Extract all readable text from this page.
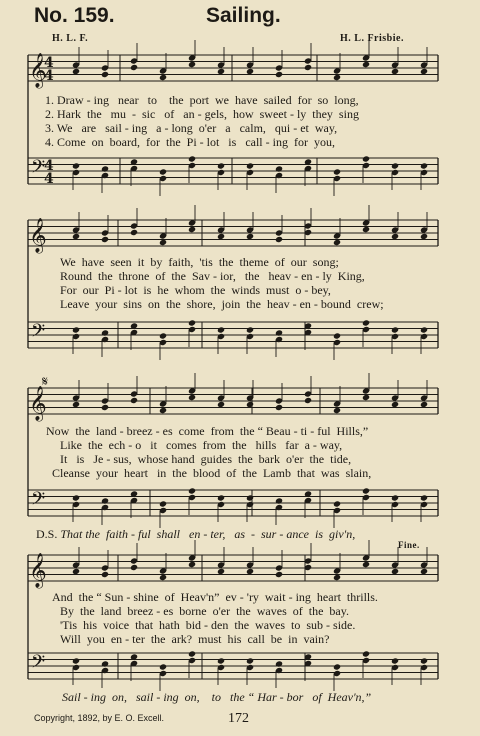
𝄞
𝄢
𝄞
𝄢
𝄞
𝄢
𝄞
𝄢
4
4
4
4
𝄋
No. 159.	Sailing.
H. L. F.	H. L. Frisbie.
1. Draw - ing   near   to    the  port  we  have  sailed  for  so  long,
2. Hark  the   mu  -  sic   of   an - gels,  how  sweet - ly  they  sing
3. We   are   sail - ing   a - long  o'er   a   calm,   qui - et  way,
4. Come  on  board,  for  the  Pi - lot   is   call - ing  for  you,
We  have  seen  it  by  faith,  'tis  the  theme  of  our  song;
Round  the  throne  of  the  Sav - ior,   the   heav - en - ly  King,
For  our  Pi - lot  is  he  whom  the  winds  must  o - bey,
Leave  your  sins  on  the  shore,  join  the  heav - en - bound  crew;
Now  the  land - breez - es  come  from  the “ Beau - ti - ful  Hills,”
Like  the  ech - o   it   comes  from  the   hills   far  a - way,
It   is   Je - sus,  whose hand  guides  the  bark  o'er  the  tide,
Cleanse  your  heart   in  the  blood  of  the  Lamb  that  was  slain,
D.S. That the  faith - ful  shall   en - ter,   as  -  sur - ance  is  giv'n,
Fine.
And  the “ Sun - shine  of  Heav'n”  ev - 'ry  wait - ing  heart  thrills.
By  the  land  breez - es  borne  o'er  the  waves  of  the  bay.
'Tis  his  voice  that  hath  bid - den  the  waves  to  sub - side.
Will  you  en - ter  the  ark?  must  his  call  be  in  vain?
Sail - ing  on,   sail - ing  on,    to   the “ Har - bor   of  Heav'n,”
Copyright, 1892, by E. O. Excell.	172
